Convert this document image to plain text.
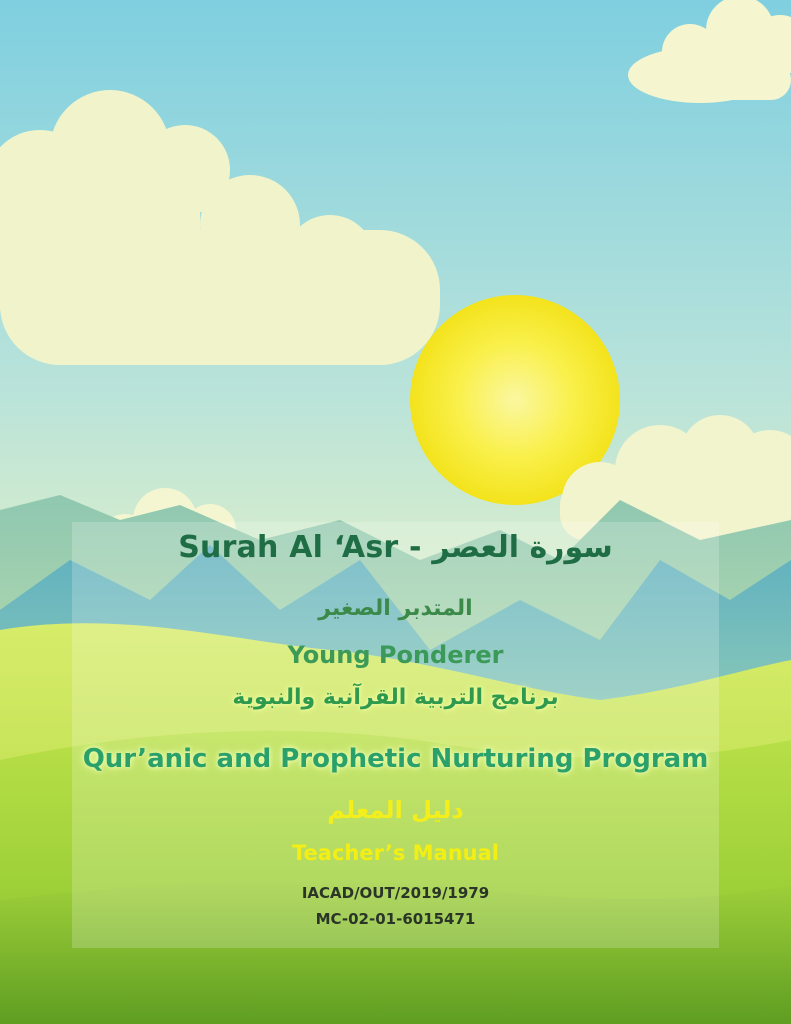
Surah Al ‘Asr - سورة العصر
المتدبر الصغير
Young Ponderer
برنامج التربية القرآنية والنبوية
Qur’anic and Prophetic Nurturing Program
دليل المعلم
Teacher’s Manual
IACAD/OUT/2019/1979
MC-02-01-6015471
